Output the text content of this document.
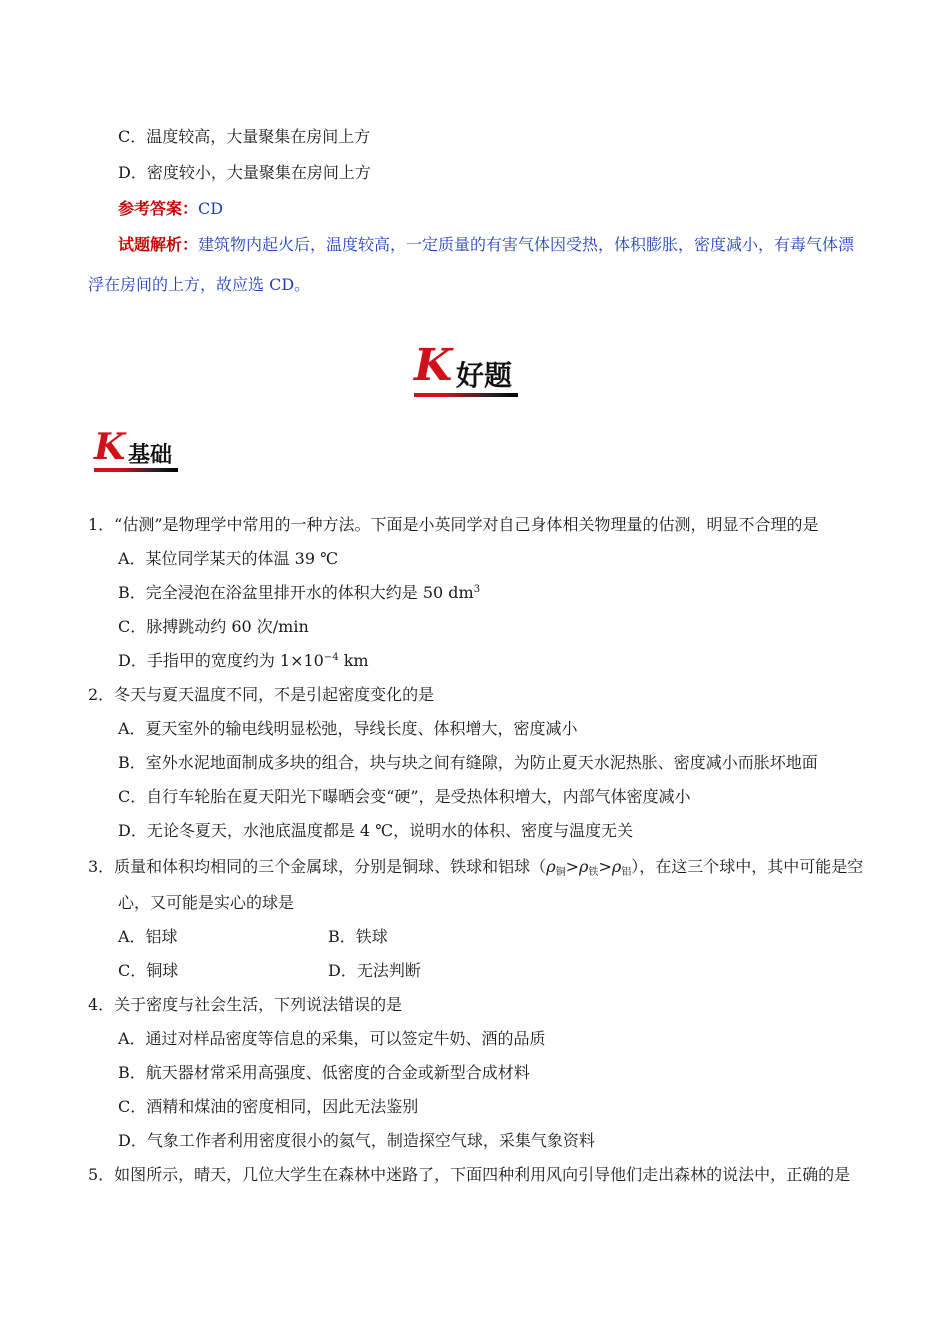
C．温度较高，大量聚集在房间上方
D．密度较小，大量聚集在房间上方
参考答案：CD
试题解析：建筑物内起火后，温度较高，一定质量的有害气体因受热，体积膨胀，密度减小，有毒气体漂
浮在房间的上方，故应选 CD。
K 好题
K 基础
1．“估测”是物理学中常用的一种方法。下面是小英同学对自己身体相关物理量的估测，明显不合理的是
A．某位同学某天的体温 39 ℃
B．完全浸泡在浴盆里排开水的体积大约是 50 $dm^3$
C．脉搏跳动约 60 次/min
D．手指甲的宽度约为 $1\times 10^{-4}$ km
2．冬天与夏天温度不同，不是引起密度变化的是
A．夏天室外的输电线明显松弛，导线长度、体积增大，密度减小
B．室外水泥地面制成多块的组合，块与块之间有缝隙，为防止夏天水泥热胀、密度减小而胀坏地面
C．自行车轮胎在夏天阳光下曝晒会变“硬”，是受热体积增大，内部气体密度减小
D．无论冬夏天，水池底温度都是 4 ℃，说明水的体积、密度与温度无关
3．质量和体积均相同的三个金属球，分别是铜球、铁球和铝球$(\rho_铜>\rho_铁>\rho_铝)$，在这三个球中，其中可能是空
心，又可能是实心的球是
A．铝球	B．铁球
C．铜球	D．无法判断
4．关于密度与社会生活，下列说法错误的是
A．通过对样品密度等信息的采集，可以签定牛奶、酒的品质
B．航天器材常采用高强度、低密度的合金或新型合成材料
C．酒精和煤油的密度相同，因此无法鉴别
D．气象工作者利用密度很小的氦气，制造探空气球，采集气象资料
5．如图所示，晴天，几位大学生在森林中迷路了，下面四种利用风向引导他们走出森林的说法中，正确的是
